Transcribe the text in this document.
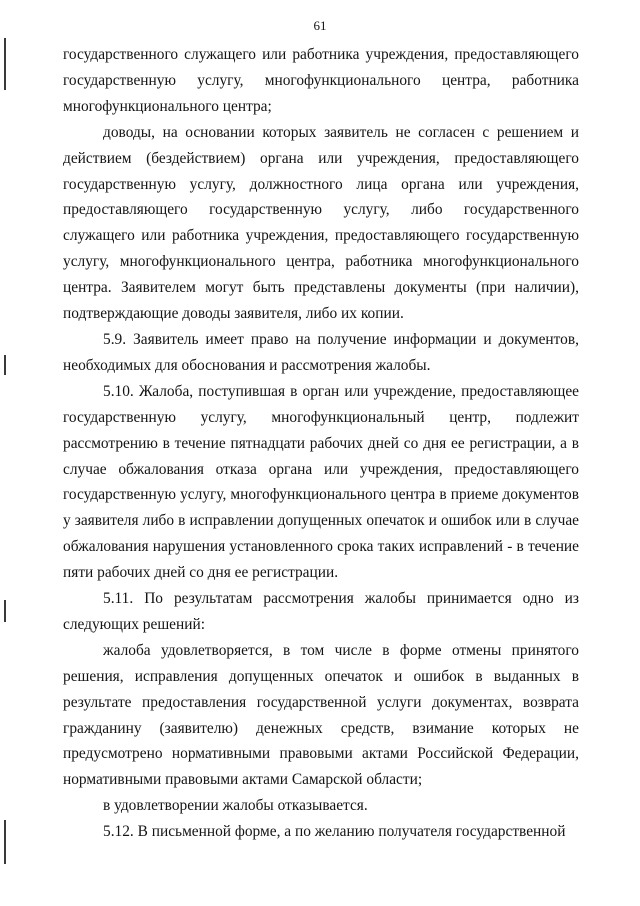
61

государственного служащего или работника учреждения, предоставляющего государственную услугу, многофункционального центра, работника многофункционального центра;

доводы, на основании которых заявитель не согласен с решением и действием (бездействием) органа или учреждения, предоставляющего государственную услугу, должностного лица органа или учреждения, предоставляющего государственную услугу, либо государственного служащего или работника учреждения, предоставляющего государственную услугу, многофункционального центра, работника многофункционального центра. Заявителем могут быть представлены документы (при наличии), подтверждающие доводы заявителя, либо их копии.

5.9. Заявитель имеет право на получение информации и документов, необходимых для обоснования и рассмотрения жалобы.

5.10. Жалоба, поступившая в орган или учреждение, предоставляющее государственную услугу, многофункциональный центр, подлежит рассмотрению в течение пятнадцати рабочих дней со дня ее регистрации, а в случае обжалования отказа органа или учреждения, предоставляющего государственную услугу, многофункционального центра в приеме документов у заявителя либо в исправлении допущенных опечаток и ошибок или в случае обжалования нарушения установленного срока таких исправлений - в течение пяти рабочих дней со дня ее регистрации.

5.11. По результатам рассмотрения жалобы принимается одно из следующих решений:

жалоба удовлетворяется, в том числе в форме отмены принятого решения, исправления допущенных опечаток и ошибок в выданных в результате предоставления государственной услуги документах, возврата гражданину (заявителю) денежных средств, взимание которых не предусмотрено нормативными правовыми актами Российской Федерации, нормативными правовыми актами Самарской области;

в удовлетворении жалобы отказывается.

5.12. В письменной форме, а по желанию получателя государственной
